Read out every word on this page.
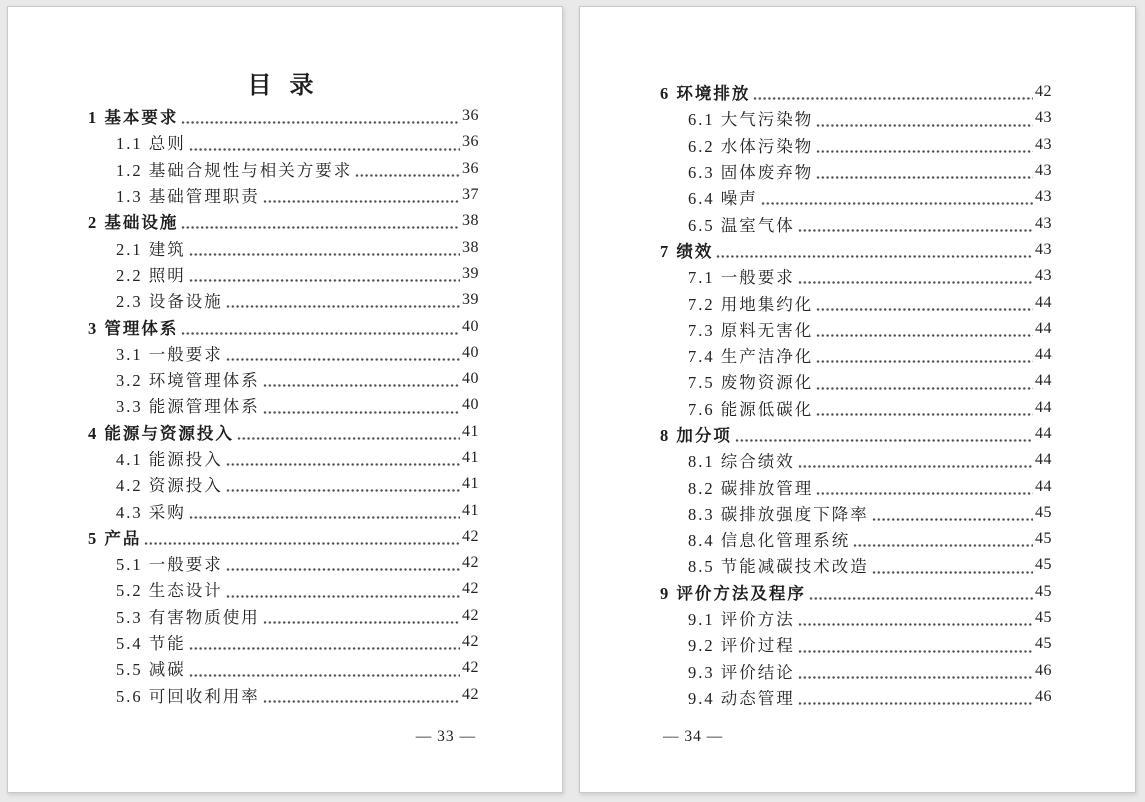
目 录
1 基本要求	36
1.1 总则	36
1.2 基础合规性与相关方要求	36
1.3 基础管理职责	37
2 基础设施	38
2.1 建筑	38
2.2 照明	39
2.3 设备设施	39
3 管理体系	40
3.1 一般要求	40
3.2 环境管理体系	40
3.3 能源管理体系	40
4 能源与资源投入	41
4.1 能源投入	41
4.2 资源投入	41
4.3 采购	41
5 产品	42
5.1 一般要求	42
5.2 生态设计	42
5.3 有害物质使用	42
5.4 节能	42
5.5 减碳	42
5.6 可回收利用率	42
— 33 —
6 环境排放	42
6.1 大气污染物	43
6.2 水体污染物	43
6.3 固体废弃物	43
6.4 噪声	43
6.5 温室气体	43
7 绩效	43
7.1 一般要求	43
7.2 用地集约化	44
7.3 原料无害化	44
7.4 生产洁净化	44
7.5 废物资源化	44
7.6 能源低碳化	44
8 加分项	44
8.1 综合绩效	44
8.2 碳排放管理	44
8.3 碳排放强度下降率	45
8.4 信息化管理系统	45
8.5 节能减碳技术改造	45
9 评价方法及程序	45
9.1 评价方法	45
9.2 评价过程	45
9.3 评价结论	46
9.4 动态管理	46
— 34 —
